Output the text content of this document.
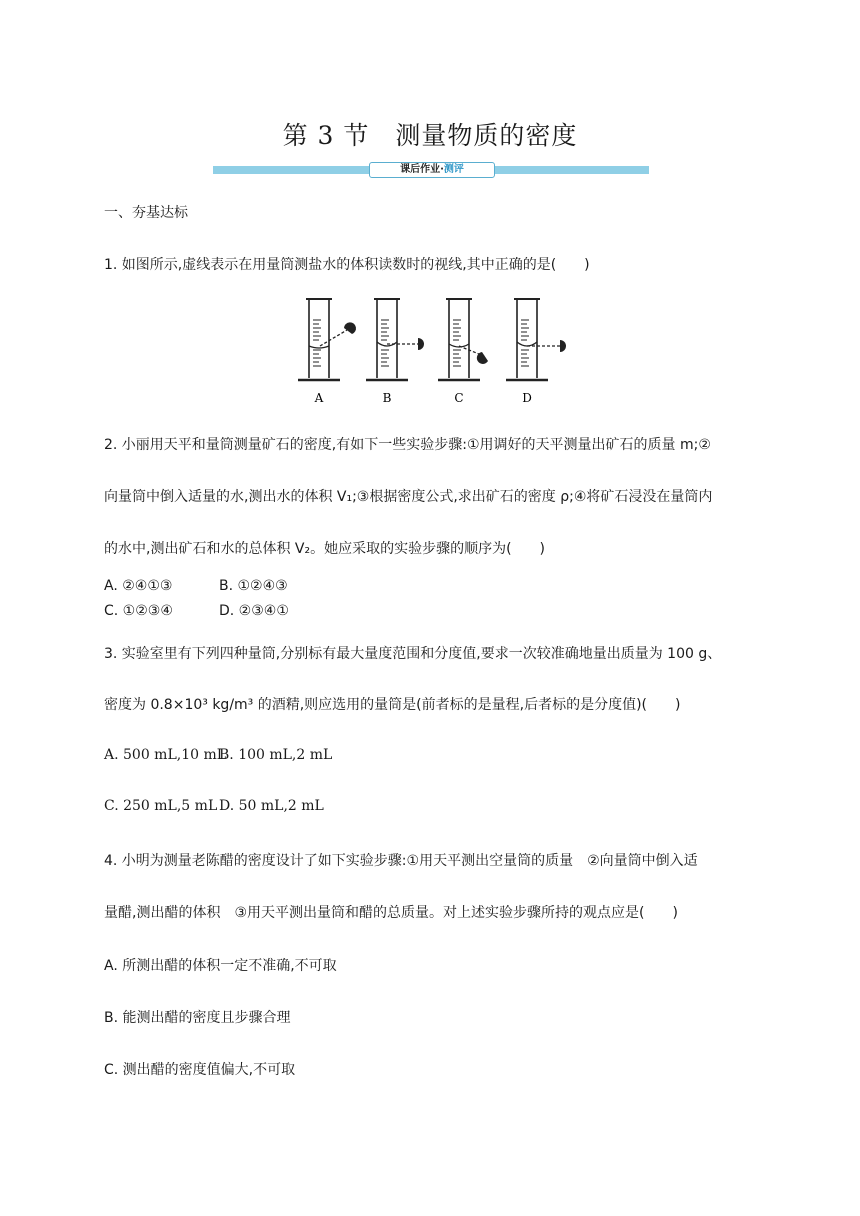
第 3 节　测量物质的密度
课后作业·测评
一、夯基达标
1. 如图所示,虚线表示在用量筒测盐水的体积读数时的视线,其中正确的是(　　)
A	B	C	D
2. 小丽用天平和量筒测量矿石的密度,有如下一些实验步骤:①用调好的天平测量出矿石的质量 m;②
向量筒中倒入适量的水,测出水的体积 V₁;③根据密度公式,求出矿石的密度 ρ;④将矿石浸没在量筒内
的水中,测出矿石和水的总体积 V₂。她应采取的实验步骤的顺序为(　　)
A. ②④①③	B. ①②④③
C. ①②③④	D. ②③④①
3. 实验室里有下列四种量筒,分别标有最大量度范围和分度值,要求一次较准确地量出质量为 100 g、
密度为 0.8×10³ kg/m³ 的酒精,则应选用的量筒是(前者标的是量程,后者标的是分度值)(　　)
A. 500 mL,10 mL
B. 100 mL,2 mL
C. 250 mL,5 mL D. 50 mL,2 mL
4. 小明为测量老陈醋的密度设计了如下实验步骤:①用天平测出空量筒的质量　②向量筒中倒入适
量醋,测出醋的体积　③用天平测出量筒和醋的总质量。对上述实验步骤所持的观点应是(　　)
A. 所测出醋的体积一定不准确,不可取
B. 能测出醋的密度且步骤合理
C. 测出醋的密度值偏大,不可取
